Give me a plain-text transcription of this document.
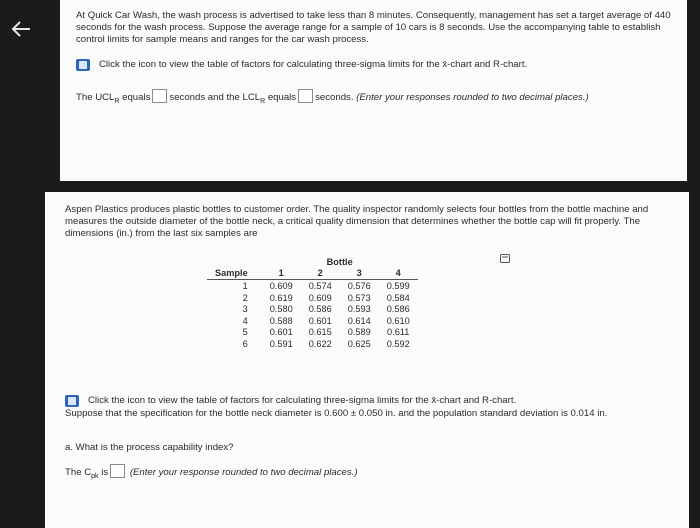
At Quick Car Wash, the wash process is advertised to take less than 8 minutes. Consequently, management has set a target average of 440 seconds for the wash process. Suppose the average range for a sample of 10 cars is 8 seconds. Use the accompanying table to establish control limits for sample means and ranges for the car wash process.

Click the icon to view the table of factors for calculating three-sigma limits for the x̄-chart and R-chart.

The $UCL_R$ equals seconds and the $LCL_R$ equals seconds. (Enter your responses rounded to two decimal places.)

Aspen Plastics produces plastic bottles to customer order. The quality inspector randomly selects four bottles from the bottle machine and measures the outside diameter of the bottle neck, a critical quality dimension that determines whether the bottle cap will fit properly. The dimensions (in.) from the last six samples are

	Bottle			
Sample	1	2	3	4
1	0.609	0.574	0.576	0.599
2	0.619	0.609	0.573	0.584
3	0.580	0.586	0.593	0.586
4	0.588	0.601	0.614	0.610
5	0.601	0.615	0.589	0.611
6	0.591	0.622	0.625	0.592
Click the icon to view the table of factors for calculating three-sigma limits for the x̄-chart and R-chart.

Suppose that the specification for the bottle neck diameter is 0.600 ± 0.050 in. and the population standard deviation is 0.014 in.

a. What is the process capability index?

The $C_{pk}$ is (Enter your response rounded to two decimal places.)
